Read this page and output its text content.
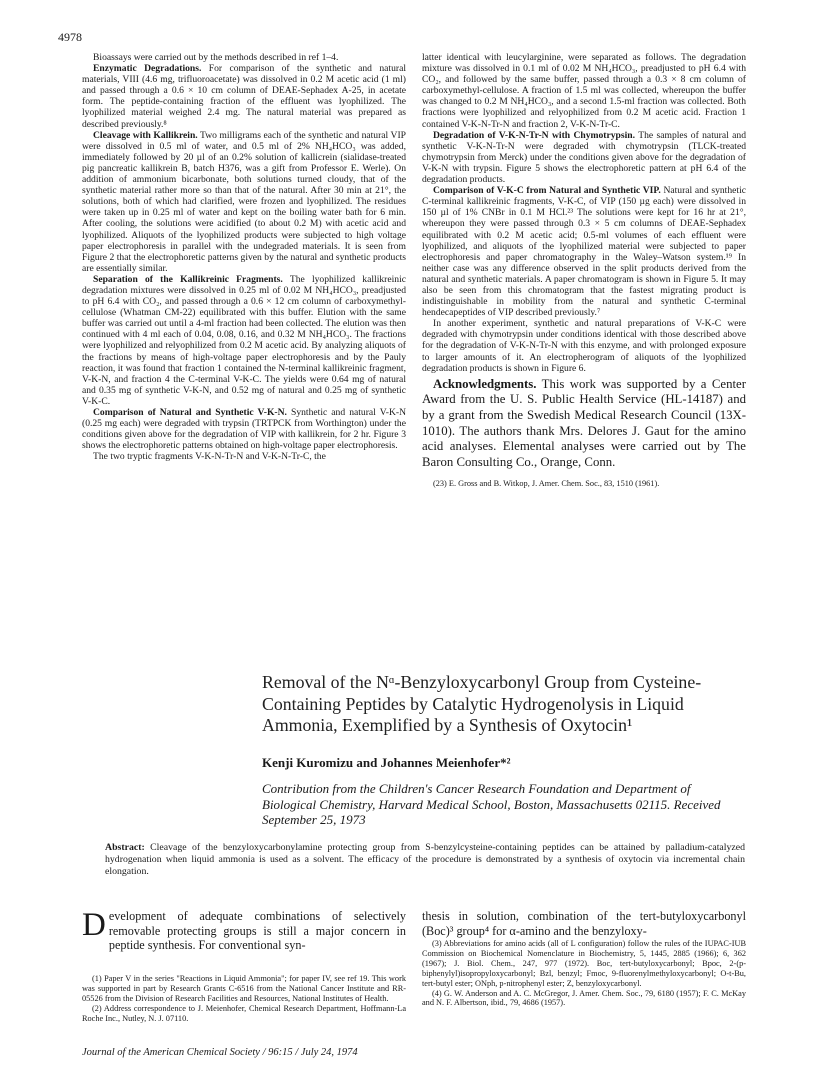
4978

Bioassays were carried out by the methods described in ref 1–4.

Enzymatic Degradations. For comparison of the synthetic and natural materials, VIII (4.6 mg, trifluoroacetate) was dissolved in 0.2 M acetic acid (1 ml) and passed through a 0.6 × 10 cm column of DEAE-Sephadex A-25, in acetate form. The peptide-containing fraction of the effluent was lyophilized. The lyophilized material weighed 2.4 mg. The natural material was prepared as described previously.⁸

Cleavage with Kallikrein. Two milligrams each of the synthetic and natural VIP were dissolved in 0.5 ml of water, and 0.5 ml of 2% NH₄HCO₃ was added, immediately followed by 20 µl of an 0.2% solution of kallicrein (sialidase-treated pig pancreatic kallikrein B, batch H376, was a gift from Professor E. Werle). On addition of ammonium bicarbonate, both solutions turned cloudy, that of the synthetic material rather more so than that of the natural. After 30 min at 21°, the solutions, both of which had clarified, were frozen and lyophilized. The residues were taken up in 0.25 ml of water and kept on the boiling water bath for 6 min. After cooling, the solutions were acidified (to about 0.2 M) with acetic acid and lyophilized. Aliquots of the lyophilized products were subjected to high voltage paper electrophoresis in parallel with the undegraded materials. It is seen from Figure 2 that the electrophoretic patterns given by the natural and synthetic products are essentially similar.

Separation of the Kallikreinic Fragments. The lyophilized kallikreinic degradation mixtures were dissolved in 0.25 ml of 0.02 M NH₄HCO₃, preadjusted to pH 6.4 with CO₂, and passed through a 0.6 × 12 cm column of carboxymethyl-cellulose (Whatman CM-22) equilibrated with this buffer. Elution with the same buffer was carried out until a 4-ml fraction had been collected. The elution was then continued with 4 ml each of 0.04, 0.08, 0.16, and 0.32 M NH₄HCO₃. The fractions were lyophilized and relyophilized from 0.2 M acetic acid. By analyzing aliquots of the fractions by means of high-voltage paper electrophoresis and by the Pauly reaction, it was found that fraction 1 contained the N-terminal kallikreinic fragment, V-K-N, and fraction 4 the C-terminal V-K-C. The yields were 0.64 mg of natural and 0.35 mg of synthetic V-K-N, and 0.52 mg of natural and 0.25 mg of synthetic V-K-C.

Comparison of Natural and Synthetic V-K-N. Synthetic and natural V-K-N (0.25 mg each) were degraded with trypsin (TRTPCK from Worthington) under the conditions given above for the degradation of VIP with kallikrein, for 2 hr. Figure 3 shows the electrophoretic patterns obtained on high-voltage paper electrophoresis.

The two tryptic fragments V-K-N-Tr-N and V-K-N-Tr-C, the

latter identical with leucylarginine, were separated as follows. The degradation mixture was dissolved in 0.1 ml of 0.02 M NH₄HCO₃, preadjusted to pH 6.4 with CO₂, and followed by the same buffer, passed through a 0.3 × 8 cm column of carboxymethyl-cellulose. A fraction of 1.5 ml was collected, whereupon the buffer was changed to 0.2 M NH₄HCO₃, and a second 1.5-ml fraction was collected. Both fractions were lyophilized and relyophilized from 0.2 M acetic acid. Fraction 1 contained V-K-N-Tr-N and fraction 2, V-K-N-Tr-C.

Degradation of V-K-N-Tr-N with Chymotrypsin. The samples of natural and synthetic V-K-N-Tr-N were degraded with chymotrypsin (TLCK-treated chymotrypsin from Merck) under the conditions given above for the degradation of V-K-N with trypsin. Figure 5 shows the electrophoretic pattern at pH 6.4 of the degradation products.

Comparison of V-K-C from Natural and Synthetic VIP. Natural and synthetic C-terminal kallikreinic fragments, V-K-C, of VIP (150 µg each) were dissolved in 150 µl of 1% CNBr in 0.1 M HCl.²³ The solutions were kept for 16 hr at 21°, whereupon they were passed through 0.3 × 5 cm columns of DEAE-Sephadex equilibrated with 0.2 M acetic acid; 0.5-ml volumes of each effluent were lyophilized, and aliquots of the lyophilized material were subjected to paper electrophoresis and paper chromatography in the Waley–Watson system.¹⁹ In neither case was any difference observed in the split products derived from the natural and synthetic materials. A paper chromatogram is shown in Figure 5. It may also be seen from this chromatogram that the fastest migrating product is indistinguishable in mobility from the natural and synthetic C-terminal hendecapeptides of VIP described previously.⁷

In another experiment, synthetic and natural preparations of V-K-C were degraded with chymotrypsin under conditions identical with those described above for the degradation of V-K-N-Tr-N with this enzyme, and with prolonged exposure to larger amounts of it. An electropherogram of aliquots of the lyophilized degradation products is shown in Figure 6.

Acknowledgments. This work was supported by a Center Award from the U. S. Public Health Service (HL-14187) and by a grant from the Swedish Medical Research Council (13X-1010). The authors thank Mrs. Delores J. Gaut for the amino acid analyses. Elemental analyses were carried out by The Baron Consulting Co., Orange, Conn.

(23) E. Gross and B. Witkop, J. Amer. Chem. Soc., 83, 1510 (1961).

Removal of the Nᵅ-Benzyloxycarbonyl Group from Cysteine-Containing Peptides by Catalytic Hydrogenolysis in Liquid Ammonia, Exemplified by a Synthesis of Oxytocin¹
Kenji Kuromizu and Johannes Meienhofer*²
Contribution from the Children's Cancer Research Foundation and Department of Biological Chemistry, Harvard Medical School, Boston, Massachusetts 02115. Received September 25, 1973
Abstract: Cleavage of the benzyloxycarbonylamine protecting group from S-benzylcysteine-containing peptides can be attained by palladium-catalyzed hydrogenation when liquid ammonia is used as a solvent. The efficacy of the procedure is demonstrated by a synthesis of oxytocin via incremental chain elongation.
Development of adequate combinations of selectively removable protecting groups is still a major concern in peptide synthesis. For conventional syn-
thesis in solution, combination of the tert-butyloxycarbonyl (Boc)³ group⁴ for α-amino and the benzyloxy-

(1) Paper V in the series "Reactions in Liquid Ammonia"; for paper IV, see ref 19. This work was supported in part by Research Grants C-6516 from the National Cancer Institute and RR-05526 from the Division of Research Facilities and Resources, National Institutes of Health.

(2) Address correspondence to J. Meienhofer, Chemical Research Department, Hoffmann-La Roche Inc., Nutley, N. J. 07110.

(3) Abbreviations for amino acids (all of L configuration) follow the rules of the IUPAC-IUB Commission on Biochemical Nomenclature in Biochemistry, 5, 1445, 2885 (1966); 6, 362 (1967); J. Biol. Chem., 247, 977 (1972). Boc, tert-butyloxycarbonyl; Bpoc, 2-(p-biphenylyl)isopropyloxycarbonyl; Bzl, benzyl; Fmoc, 9-fluorenylmethyloxycarbonyl; O-t-Bu, tert-butyl ester; ONph, p-nitrophenyl ester; Z, benzyloxycarbonyl.

(4) G. W. Anderson and A. C. McGregor, J. Amer. Chem. Soc., 79, 6180 (1957); F. C. McKay and N. F. Albertson, ibid., 79, 4686 (1957).

Journal of the American Chemical Society / 96:15 / July 24, 1974
